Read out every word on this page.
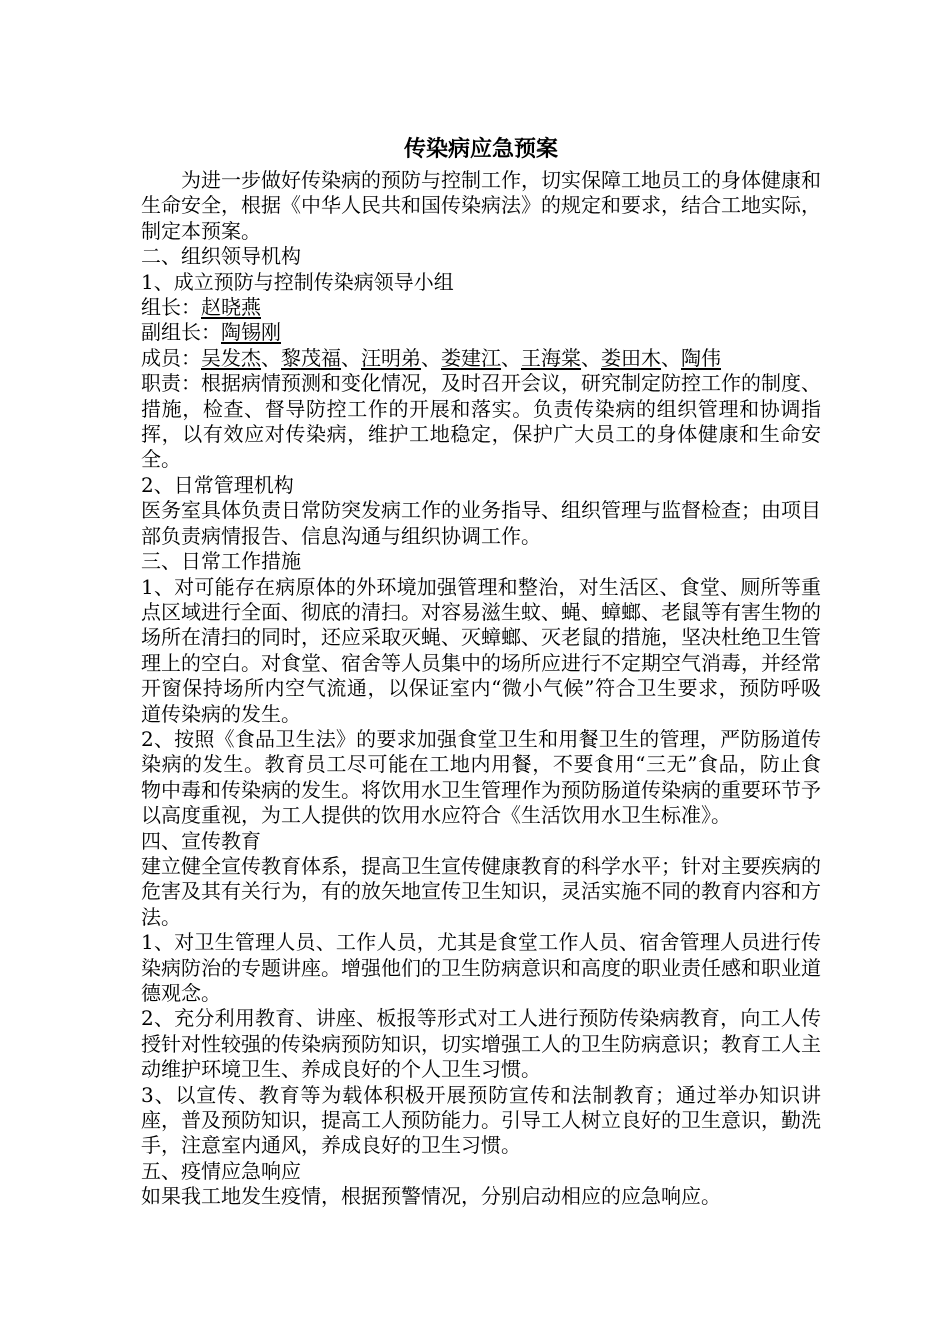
传染病应急预案

为进一步做好传染病的预防与控制工作，切实保障工地员工的身体健康和生命安全，根据《中华人民共和国传染病法》的规定和要求，结合工地实际，制定本预案。

二、组织领导机构

1、成立预防与控制传染病领导小组

组长：赵晓燕

副组长：陶锡刚

成员：吴发杰、黎茂福、汪明弟、娄建江、王海棠、娄田木、陶伟

职责：根据病情预测和变化情况，及时召开会议，研究制定防控工作的制度、措施，检查、督导防控工作的开展和落实。负责传染病的组织管理和协调指挥，以有效应对传染病，维护工地稳定，保护广大员工的身体健康和生命安全。

2、日常管理机构

医务室具体负责日常防突发病工作的业务指导、组织管理与监督检查；由项目部负责病情报告、信息沟通与组织协调工作。

三、日常工作措施

1、对可能存在病原体的外环境加强管理和整治，对生活区、食堂、厕所等重点区域进行全面、彻底的清扫。对容易滋生蚊、蝇、蟑螂、老鼠等有害生物的场所在清扫的同时，还应采取灭蝇、灭蟑螂、灭老鼠的措施，坚决杜绝卫生管理上的空白。对食堂、宿舍等人员集中的场所应进行不定期空气消毒，并经常开窗保持场所内空气流通，以保证室内“微小气候”符合卫生要求，预防呼吸道传染病的发生。

2、按照《食品卫生法》的要求加强食堂卫生和用餐卫生的管理，严防肠道传染病的发生。教育员工尽可能在工地内用餐，不要食用“三无”食品，防止食物中毒和传染病的发生。将饮用水卫生管理作为预防肠道传染病的重要环节予以高度重视，为工人提供的饮用水应符合《生活饮用水卫生标准》。

四、宣传教育

建立健全宣传教育体系，提高卫生宣传健康教育的科学水平；针对主要疾病的危害及其有关行为，有的放矢地宣传卫生知识，灵活实施不同的教育内容和方法。

1、对卫生管理人员、工作人员，尤其是食堂工作人员、宿舍管理人员进行传染病防治的专题讲座。增强他们的卫生防病意识和高度的职业责任感和职业道德观念。

2、充分利用教育、讲座、板报等形式对工人进行预防传染病教育，向工人传授针对性较强的传染病预防知识，切实增强工人的卫生防病意识；教育工人主动维护环境卫生、养成良好的个人卫生习惯。

3、以宣传、教育等为载体积极开展预防宣传和法制教育；通过举办知识讲座，普及预防知识，提高工人预防能力。引导工人树立良好的卫生意识，勤洗手，注意室内通风，养成良好的卫生习惯。

五、疫情应急响应

如果我工地发生疫情，根据预警情况，分别启动相应的应急响应。
